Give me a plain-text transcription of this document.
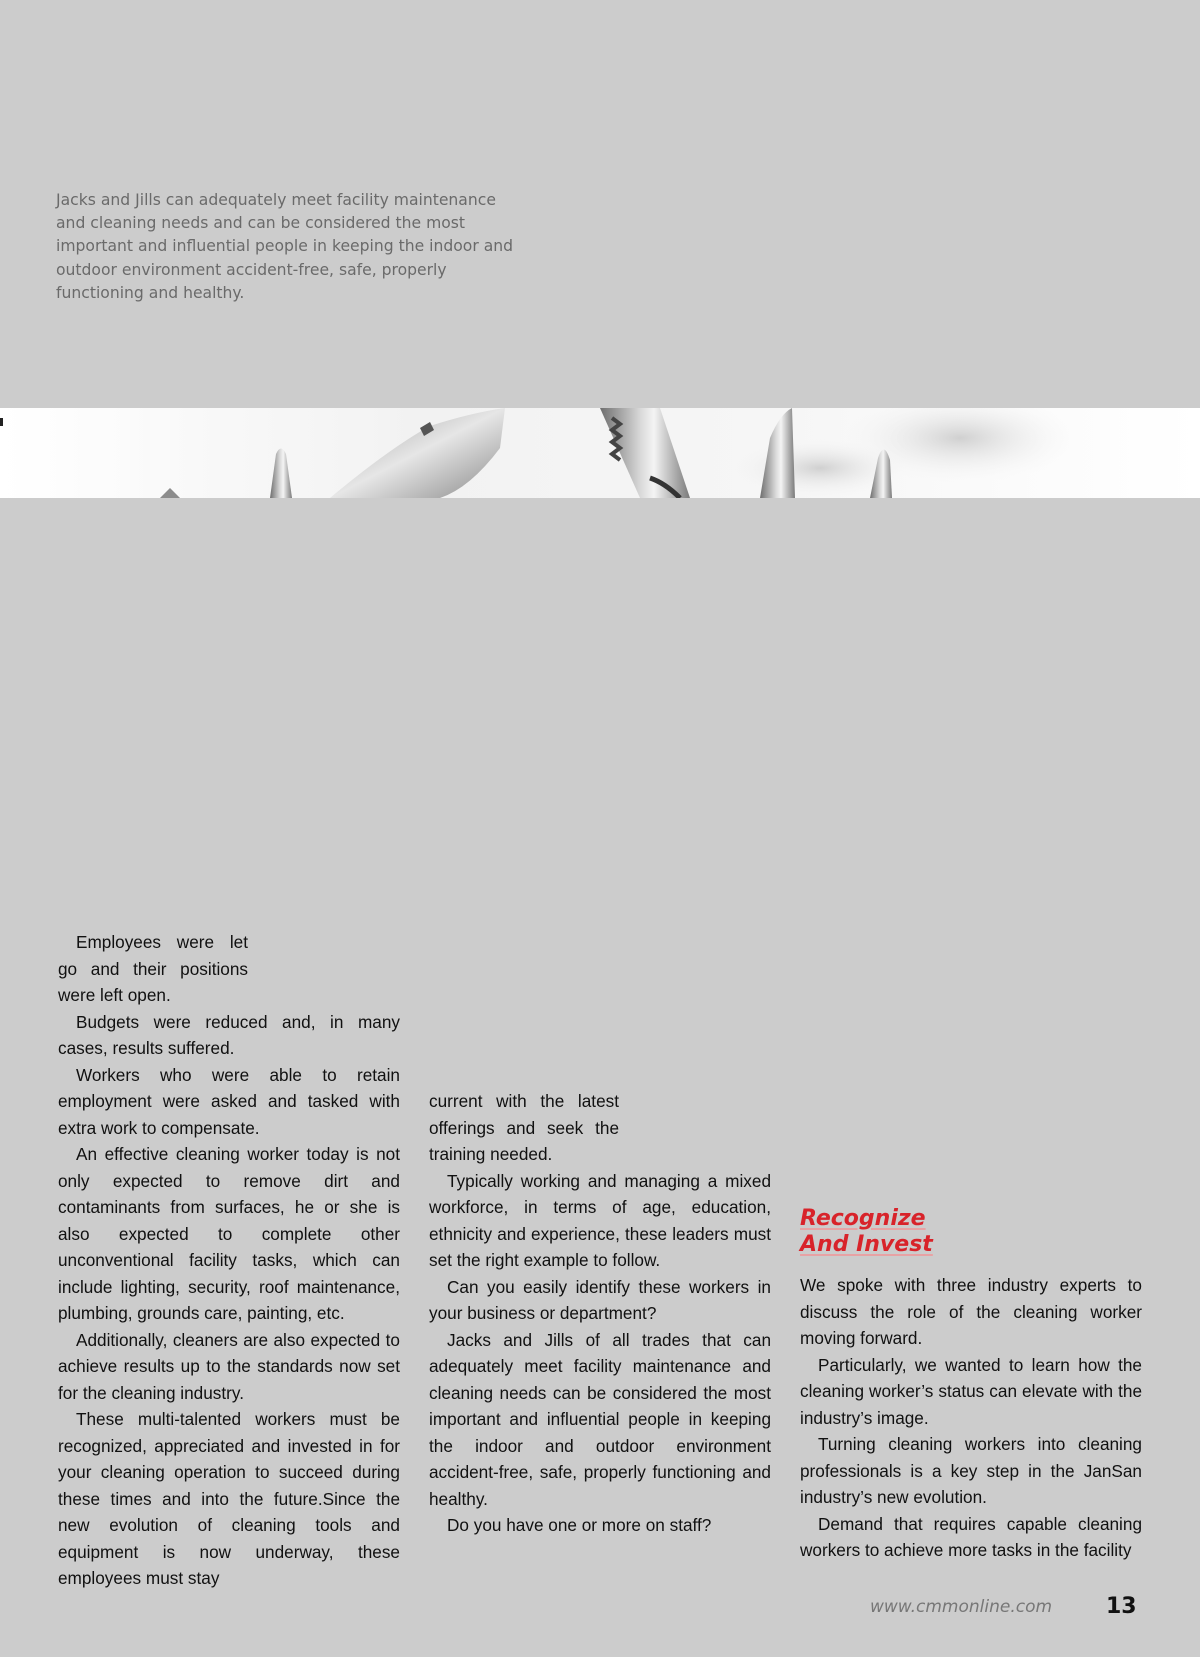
Jacks and Jills can adequately meet facility maintenance and cleaning needs and can be considered the most important and influential people in keeping the indoor and outdoor environment accident-free, safe, properly functioning and healthy.

Employees were let go and their positions were left open.

Budgets were reduced and, in many cases, results suffered.

Workers who were able to retain employment were asked and tasked with extra work to compensate.

An effective cleaning worker today is not only expected to remove dirt and contaminants from surfaces, he or she is also expected to complete other unconventional facility tasks, which can include lighting, security, roof maintenance, plumbing, grounds care, painting, etc.

Additionally, cleaners are also expected to achieve results up to the standards now set for the cleaning industry.

These multi-talented workers must be recognized, appreciated and invested in for your cleaning operation to succeed during these times and into the future.Since the new evolution of cleaning tools and equipment is now underway, these employees must stay

current with the latest offerings and seek the training needed.

Typically working and managing a mixed workforce, in terms of age, education, ethnicity and experience, these leaders must set the right example to follow.

Can you easily identify these workers in your business or department?

Jacks and Jills of all trades that can adequately meet facility maintenance and cleaning needs can be considered the most important and influential people in keeping the indoor and outdoor environment accident-free, safe, properly functioning and healthy.

Do you have one or more on staff?

Recognize
And Invest

We spoke with three industry experts to discuss the role of the cleaning worker moving forward.

Particularly, we wanted to learn how the cleaning worker’s status can elevate with the industry’s image.

Turning cleaning workers into cleaning professionals is a key step in the JanSan industry’s new evolution.

Demand that requires capable cleaning workers to achieve more tasks in the facility

www.cmmonline.com 13
